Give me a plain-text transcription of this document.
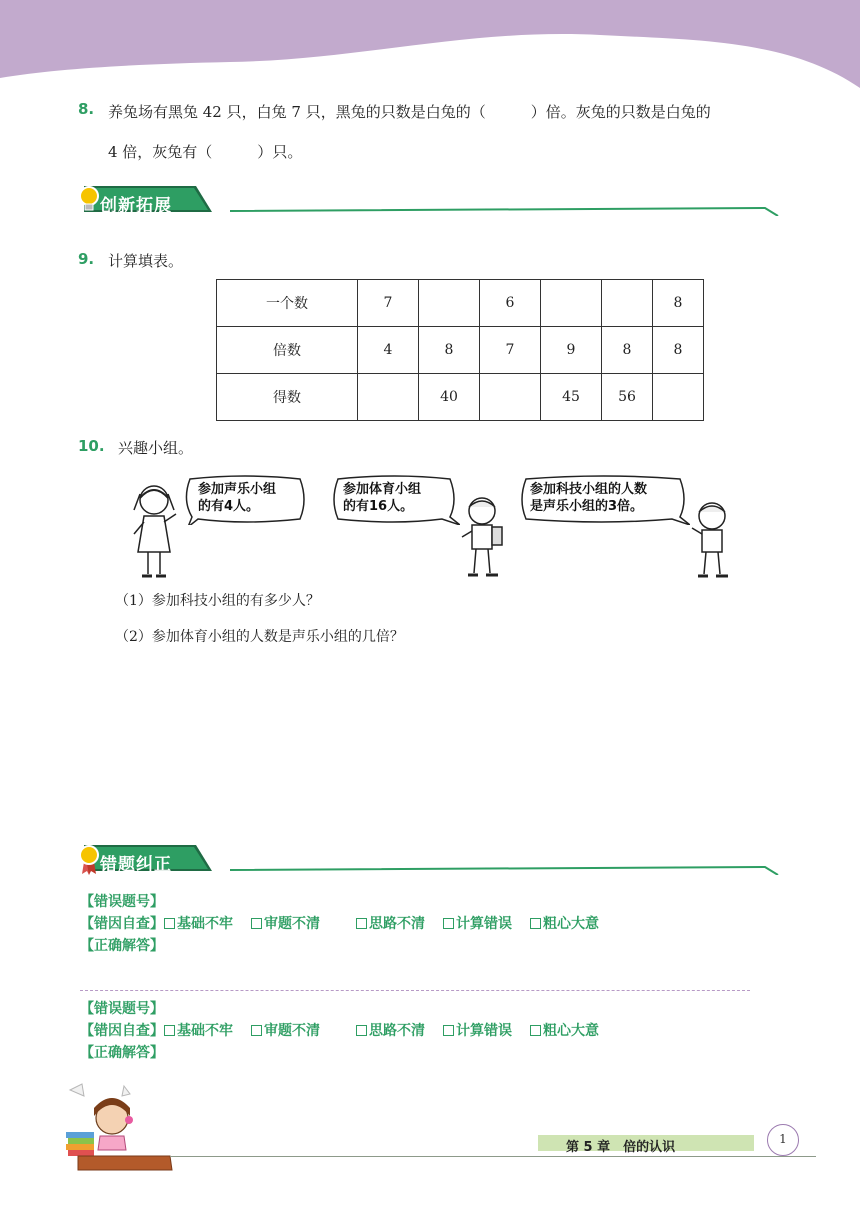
8. 养兔场有黑兔 42 只，白兔 7 只，黑兔的只数是白兔的（　　　）倍。灰兔的只数是白兔的
4 倍，灰兔有（　　　）只。
创新拓展
9. 计算填表。
一个数	7		6			8
倍数	4	8	7	9	8	8
得数		40		45	56	
10. 兴趣小组。
参加声乐小组
的有4人。
参加体育小组
的有16人。
参加科技小组的人数
是声乐小组的3倍。
（1）参加科技小组的有多少人？
（2）参加体育小组的人数是声乐小组的几倍？
错题纠正
【错误题号】
【错因自查】 基础不牢 审题不清	思路不清 计算错误 粗心大意
【正确解答】
【错误题号】
【错因自查】 基础不牢 审题不清	思路不清 计算错误 粗心大意
【正确解答】
第 5 章　倍的认识
1
